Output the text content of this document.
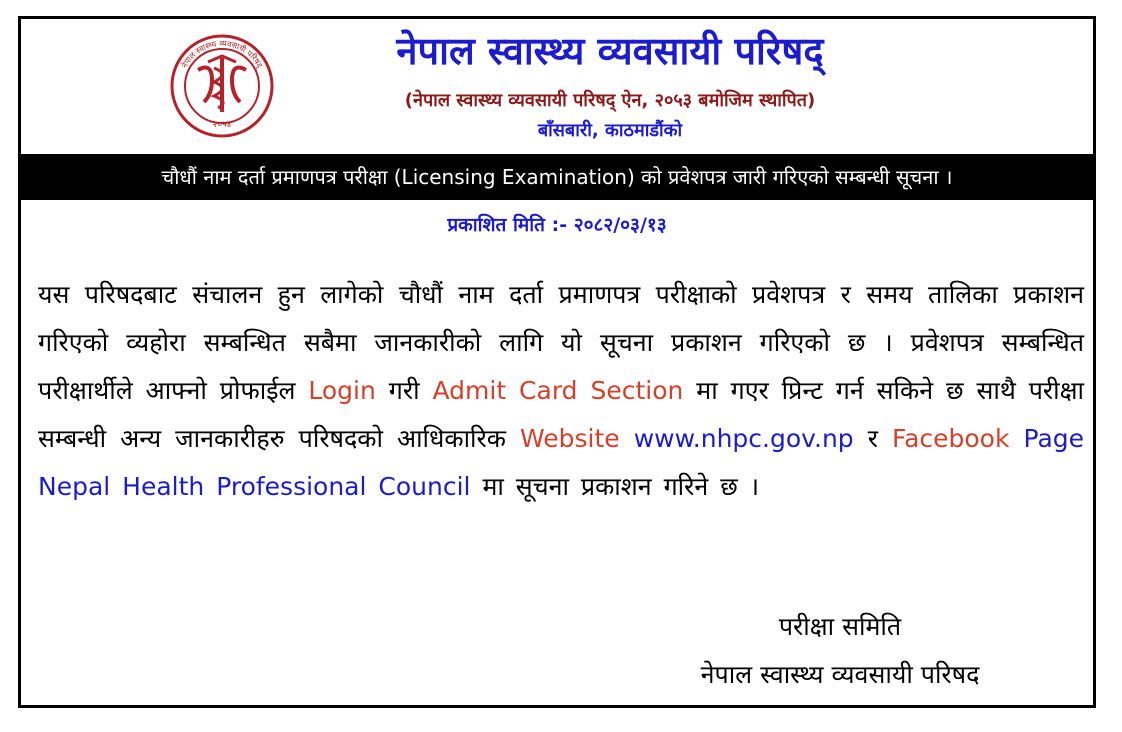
नेपाल स्वास्थ्य व्यवसायी परिषद्
२०५४
नेपाल स्वास्थ्य व्यवसायी परिषद्
(नेपाल स्वास्थ्य व्यवसायी परिषद् ऐन, २०५३ बमोजिम स्थापित)
बाँसबारी, काठमाडौंको
चौधौं नाम दर्ता प्रमाणपत्र परीक्षा (Licensing Examination) को प्रवेशपत्र जारी गरिएको सम्बन्धी सूचना ।
प्रकाशित मिति :- २०८२/०३/१३
यस परिषदबाट संचालन हुन लागेको चौधौं नाम दर्ता प्रमाणपत्र परीक्षाको प्रवेशपत्र र समय तालिका प्रकाशन गरिएको व्यहोरा सम्बन्धित सबैमा जानकारीको लागि यो सूचना प्रकाशन गरिएको छ । प्रवेशपत्र सम्बन्धित परीक्षार्थीले आफ्नो प्रोफाईल Login गरी Admit Card Section मा गएर प्रिन्ट गर्न सकिने छ साथै परीक्षा सम्बन्धी अन्य जानकारीहरु परिषदको आधिकारिक Website www.nhpc.gov.np र Facebook Page Nepal Health Professional Council मा सूचना प्रकाशन गरिने छ ।
परीक्षा समिति
नेपाल स्वास्थ्य व्यवसायी परिषद
